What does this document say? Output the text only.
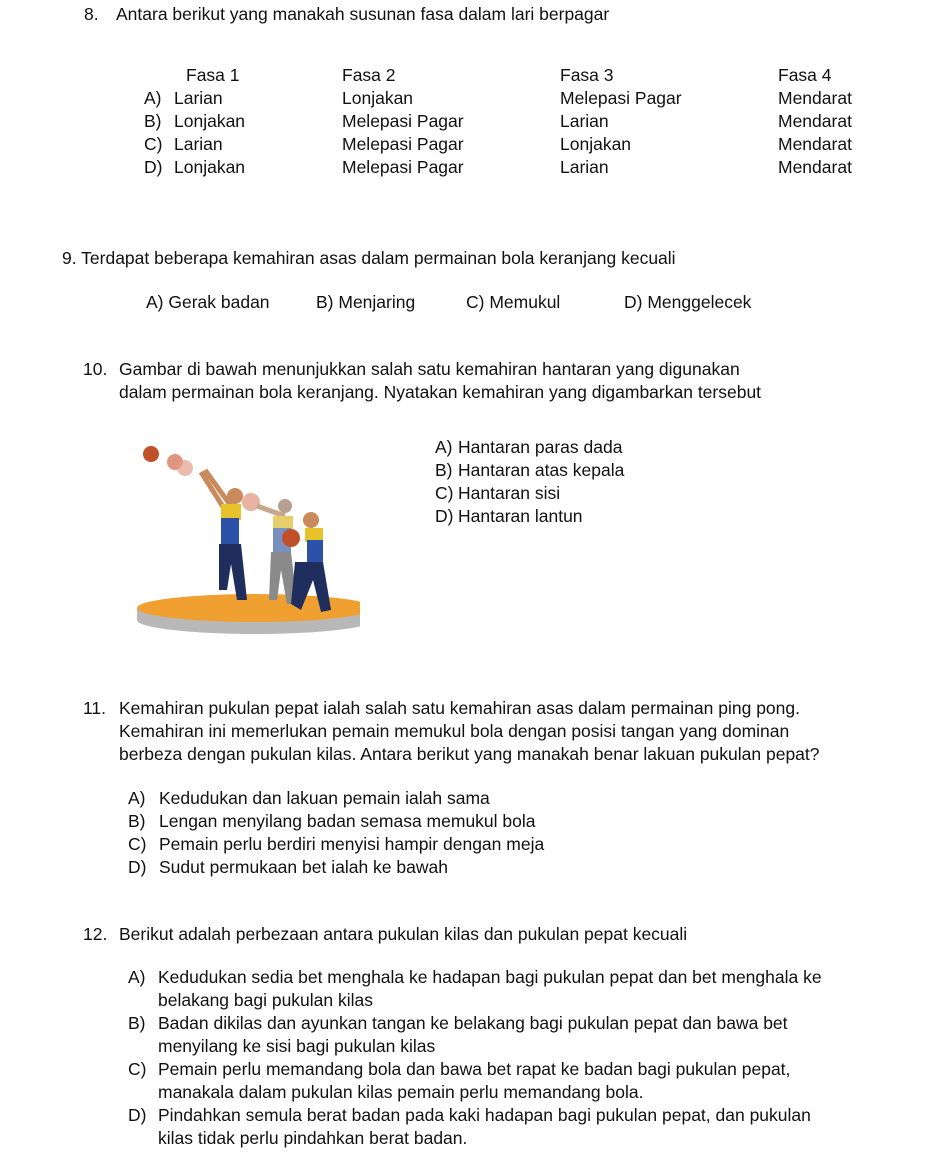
8. Antara berikut yang manakah susunan fasa dalam lari berpagar
Fasa 1	Fasa 2	Fasa 3	Fasa 4
A) Larian	Lonjakan	Melepasi Pagar	Mendarat
B) Lonjakan	Melepasi Pagar	Larian	Mendarat
C) Larian	Melepasi Pagar	Lonjakan	Mendarat
D) Lonjakan	Melepasi Pagar	Larian	Mendarat
9. Terdapat beberapa kemahiran asas dalam permainan bola keranjang kecuali
A) Gerak badan	B) Menjaring	C) Memukul	D) Menggelecek
10. Gambar di bawah menunjukkan salah satu kemahiran hantaran yang digunakan
dalam permainan bola keranjang. Nyatakan kemahiran yang digambarkan tersebut
A) Hantaran paras dada
B) Hantaran atas kepala
C) Hantaran sisi
D) Hantaran lantun
11. Kemahiran pukulan pepat ialah salah satu kemahiran asas dalam permainan ping pong.
Kemahiran ini memerlukan pemain memukul bola dengan posisi tangan yang dominan
berbeza dengan pukulan kilas. Antara berikut yang manakah benar lakuan pukulan pepat?
A) Kedudukan dan lakuan pemain ialah sama
B) Lengan menyilang badan semasa memukul bola
C) Pemain perlu berdiri menyisi hampir dengan meja
D) Sudut permukaan bet ialah ke bawah
12. Berikut adalah perbezaan antara pukulan kilas dan pukulan pepat kecuali
A) Kedudukan sedia bet menghala ke hadapan bagi pukulan pepat dan bet menghala ke
belakang bagi pukulan kilas
B) Badan dikilas dan ayunkan tangan ke belakang bagi pukulan pepat dan bawa bet
menyilang ke sisi bagi pukulan kilas
C) Pemain perlu memandang bola dan bawa bet rapat ke badan bagi pukulan pepat,
manakala dalam pukulan kilas pemain perlu memandang bola.
D) Pindahkan semula berat badan pada kaki hadapan bagi pukulan pepat, dan pukulan
kilas tidak perlu pindahkan berat badan.
